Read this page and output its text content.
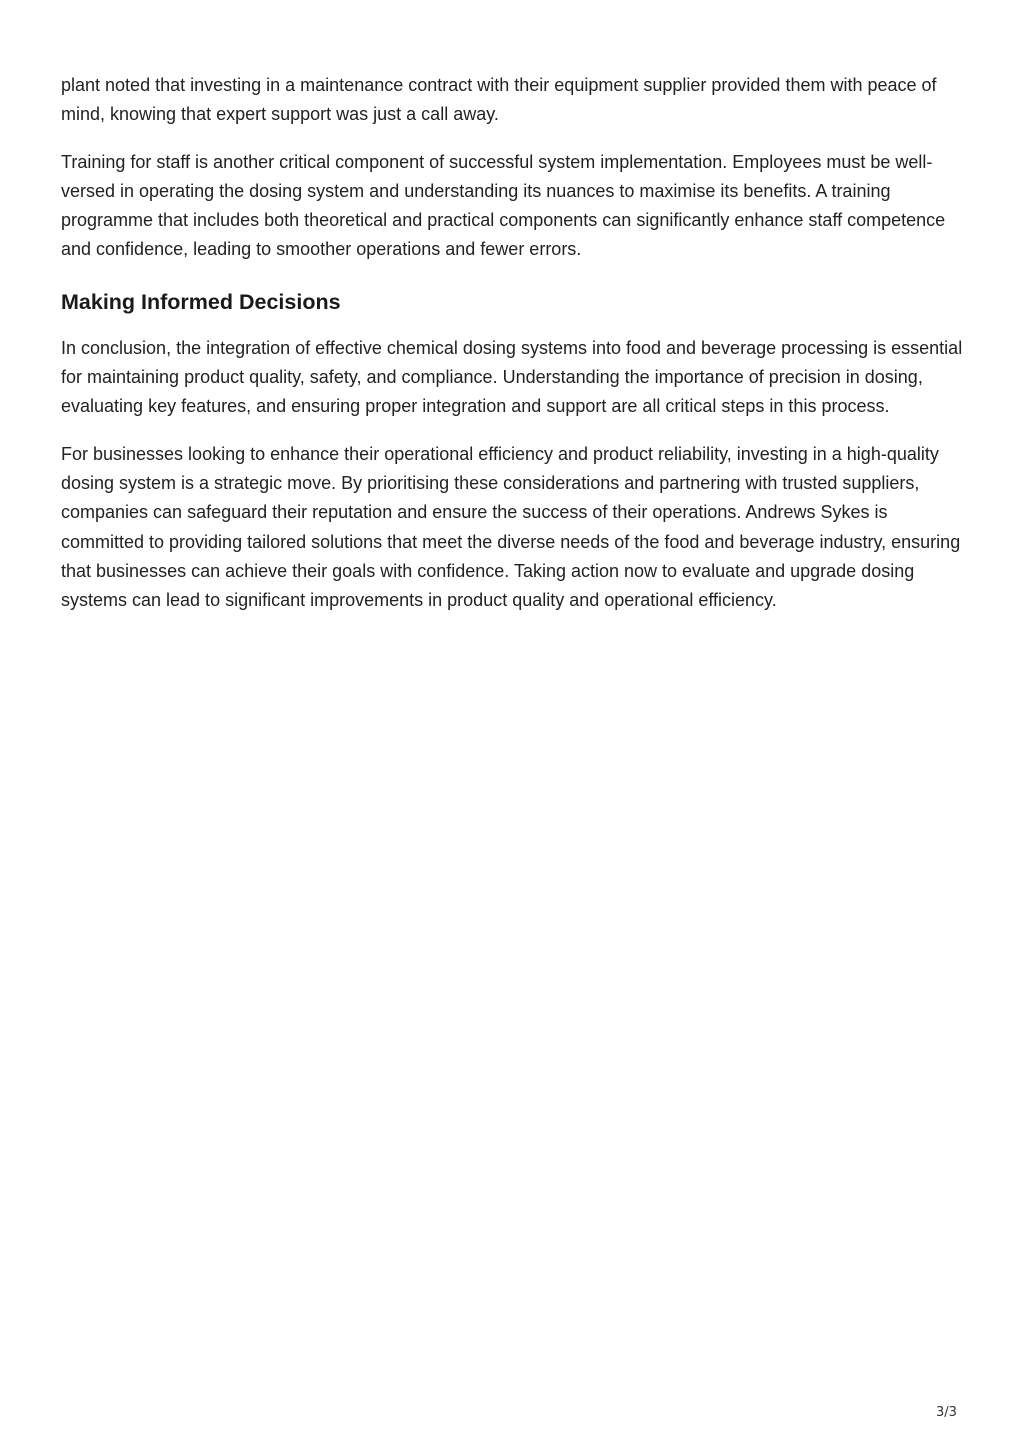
plant noted that investing in a maintenance contract with their equipment supplier provided them with peace of mind, knowing that expert support was just a call away.

Training for staff is another critical component of successful system implementation. Employees must be well-versed in operating the dosing system and understanding its nuances to maximise its benefits. A training programme that includes both theoretical and practical components can significantly enhance staff competence and confidence, leading to smoother operations and fewer errors.

Making Informed Decisions

In conclusion, the integration of effective chemical dosing systems into food and beverage processing is essential for maintaining product quality, safety, and compliance. Understanding the importance of precision in dosing, evaluating key features, and ensuring proper integration and support are all critical steps in this process.

For businesses looking to enhance their operational efficiency and product reliability, investing in a high-quality dosing system is a strategic move. By prioritising these considerations and partnering with trusted suppliers, companies can safeguard their reputation and ensure the success of their operations. Andrews Sykes is committed to providing tailored solutions that meet the diverse needs of the food and beverage industry, ensuring that businesses can achieve their goals with confidence. Taking action now to evaluate and upgrade dosing systems can lead to significant improvements in product quality and operational efficiency.

3/3
